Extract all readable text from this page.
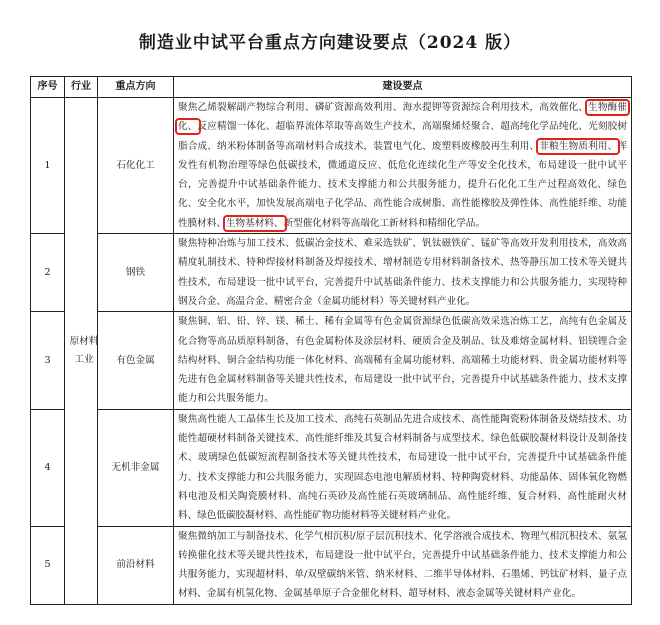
制造业中试平台重点方向建设要点（2024 版）
序号	行业	重点方向	建设要点
1	原材料工业	石化化工	聚焦乙烯裂解副产物综合利用、磷矿资源高效利用、海水提钾等资源综合利用技术，高效催化、生物酶催化、反应精馏一体化、超临界流体萃取等高效生产技术，高端聚烯烃聚合、超高纯化学品纯化、光刻胶树脂合成、纳米粉体制备等高端材料合成技术，装置电气化、废塑料废橡胶再生利用、非粮生物质利用、挥发性有机物治理等绿色低碳技术，微通道反应、低危化连续化生产等安全化技术，布局建设一批中试平台，完善提升中试基础条件能力、技术支撑能力和公共服务能力，提升石化化工生产过程高效化、绿色化、安全化水平，加快发展高端电子化学品、高性能合成树脂、高性能橡胶及弹性体、高性能纤维、功能性膜材料、生物基材料、新型催化材料等高端化工新材料和精细化学品。
2		钢铁	聚焦特种冶炼与加工技术、低碳冶金技术、难采选铁矿、钒钛磁铁矿、锰矿等高效开发利用技术，高效高精度轧制技术、特种焊接材料制备及焊接技术、增材制造专用材料制备技术、热等静压加工技术等关键共性技术，布局建设一批中试平台，完善提升中试基础条件能力、技术支撑能力和公共服务能力，实现特种钢及合金、高温合金、精密合金（金属功能材料）等关键材料产业化。
3		有色金属	聚焦铜、铝、铅、锌、镁、稀土、稀有金属等有色金属资源绿色低碳高效采选冶炼工艺，高纯有色金属及化合物等高品质原料制备，有色金属粉体及涂层材料、硬质合金及制品、钛及难熔金属材料、铝镁锂合金结构材料、铜合金结构功能一体化材料、高端稀有金属功能材料、高端稀土功能材料、贵金属功能材料等先进有色金属材料制备等关键共性技术，布局建设一批中试平台，完善提升中试基础条件能力、技术支撑能力和公共服务能力。
4		无机非金属	聚焦高性能人工晶体生长及加工技术、高纯石英制品先进合成技术、高性能陶瓷粉体制备及烧结技术、功能性超硬材料制备关键技术、高性能纤维及其复合材料制备与成型技术、绿色低碳胶凝材料设计及制备技术、玻璃绿色低碳短流程制备技术等关键共性技术，布局建设一批中试平台，完善提升中试基础条件能力、技术支撑能力和公共服务能力，实现固态电池电解质材料、特种陶瓷材料、功能晶体、固体氧化物燃料电池及相关陶瓷膜材料、高纯石英砂及高性能石英玻璃制品、高性能纤维、复合材料、高性能耐火材料、绿色低碳胶凝材料、高性能矿物功能材料等关键材料产业化。
5		前沿材料	聚焦微纳加工与制备技术、化学气相沉积/原子层沉积技术、化学溶液合成技术、物理气相沉积技术、氨氢转换催化技术等关键共性技术，布局建设一批中试平台，完善提升中试基础条件能力、技术支撑能力和公共服务能力，实现超材料、单/双壁碳纳米管、纳米材料、二维半导体材料、石墨烯、钙钛矿材料、量子点材料、金属有机氢化物、金属基单原子合金催化材料、超导材料、液态金属等关键材料产业化。
